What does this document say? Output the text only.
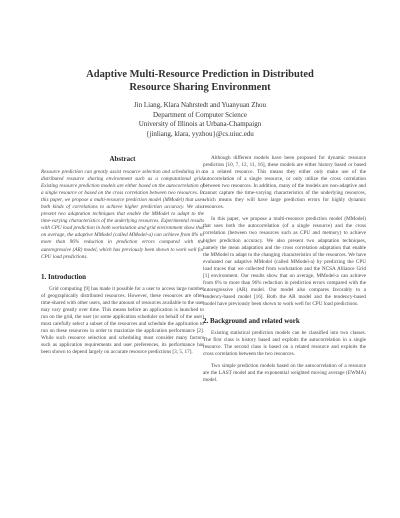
Adaptive Multi-Resource Prediction in Distributed
Resource Sharing Environment
Jin Liang, Klara Nahrstedt and Yuanyuan Zhou
Department of Computer Science
University of Illinois at Urbana-Champaign
{jinliang, klara, yyzhou}@cs.uiuc.edu
Abstract

Resource prediction can greatly assist resource selection and scheduling in a distributed resource sharing environment such as a computational grid. Existing resource prediction models are either based on the autocorrelation of a single resource or based on the cross correlation between two resources. In this paper, we propose a multi-resource prediction model (MModel) that uses both kinds of correlations to achieve higher prediction accuracy. We also present two adaptation techniques that enable the MModel to adapt to the time-varying characteristics of the underlying resources. Experimental results with CPU load prediction in both workstation and grid environment show that on average, the adaptive MModel (called MModel-a) can achieve from 6% to more than 96% reduction in prediction errors compared with the autoregressive (AR) model, which has previously been shown to work well for CPU load predictions.

1. Introduction

Grid computing [9] has made it possible for a user to access large number of geographically distributed resources. However, these resources are often time-shared with other users, and the amount of resources available to the user may vary greatly over time. This means before an application is launched to run on the grid, the user (or some application scheduler on behalf of the user) must carefully select a subset of the resources and schedule the application to run on these resources in order to maximize the application performance [2]. While such resource selection and scheduling must consider many factors such as application requirements and user preferences, its performance has been shown to depend largely on accurate resource predictions [3, 5, 17].

Although different models have been proposed for dynamic resource prediction [10, 7, 12, 11, 16], these models are either history based or based on a related resource. This means they either only make use of the autocorrelation of a single resource, or only utilize the cross correlation between two resources. In addition, many of the models are non-adaptive and cannot capture the time-varying characteristics of the underlying resources, which means they will have large prediction errors for highly dynamic resources.

In this paper, we propose a multi-resource prediction model (MModel) that uses both the autocorrelation (of a single resource) and the cross correlation (between two resources such as CPU and memory) to achieve higher prediction accuracy. We also present two adaptation techniques, namely the mean adaptation and the cross correlation adaptation that enable the MModel to adapt to the changing characteristics of the resources. We have evaluated our adaptive MModel (called MModel-a) by predicting the CPU load traces that we collected from workstation and the NCSA Alliance Grid [1] environment. Our results show that on average, MModel-a can achieve from 6% to more than 96% reduction in prediction errors compared with the autoregressive (AR) model. Our model also compares favorably to a tendency-based model [16]. Both the AR model and the tendency-based model have previously been shown to work well for CPU load predictions.

2. Background and related work

Existing statistical prediction models can be classified into two classes. The first class is history based and exploits the autocorrelation in a single resource. The second class is based on a related resource and exploits the cross correlation between the two resources.

Two simple prediction models based on the autocorrelation of a resource are the LAST model and the exponential weighted moving average (EWMA) model.
